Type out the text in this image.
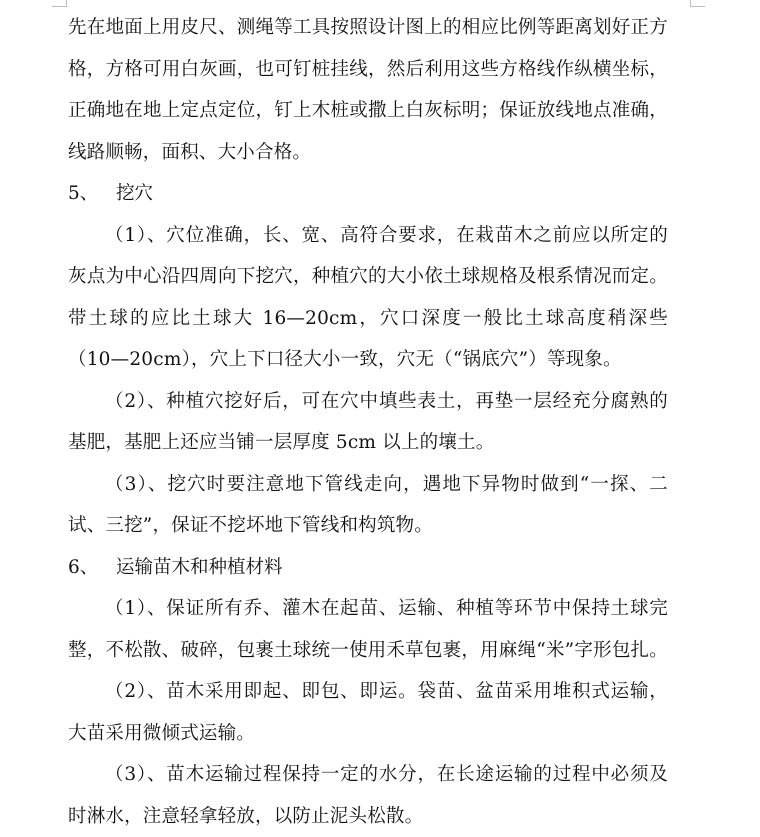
先在地面上用皮尺、测绳等工具按照设计图上的相应比例等距离划好正方
格，方格可用白灰画，也可钉桩挂线，然后利用这些方格线作纵横坐标，
正确地在地上定点定位，钉上木桩或撒上白灰标明；保证放线地点准确，
线路顺畅，面积、大小合格。
5、 挖穴
（1）、穴位准确，长、宽、高符合要求，在栽苗木之前应以所定的
灰点为中心沿四周向下挖穴，种植穴的大小依土球规格及根系情况而定。
带土球的应比土球大 16—20cm，穴口深度一般比土球高度稍深些
（10—20cm），穴上下口径大小一致，穴无（“锅底穴”）等现象。
（2）、种植穴挖好后，可在穴中填些表土，再垫一层经充分腐熟的
基肥，基肥上还应当铺一层厚度 5cm 以上的壤土。
（3）、挖穴时要注意地下管线走向，遇地下异物时做到“一探、二
试、三挖”，保证不挖坏地下管线和构筑物。
6、 运输苗木和种植材料
（1）、保证所有乔、灌木在起苗、运输、种植等环节中保持土球完
整，不松散、破碎，包裹土球统一使用禾草包裹，用麻绳“米”字形包扎。
（2）、苗木采用即起、即包、即运。袋苗、盆苗采用堆积式运输，
大苗采用微倾式运输。
（3）、苗木运输过程保持一定的水分，在长途运输的过程中必须及
时淋水，注意轻拿轻放，以防止泥头松散。
